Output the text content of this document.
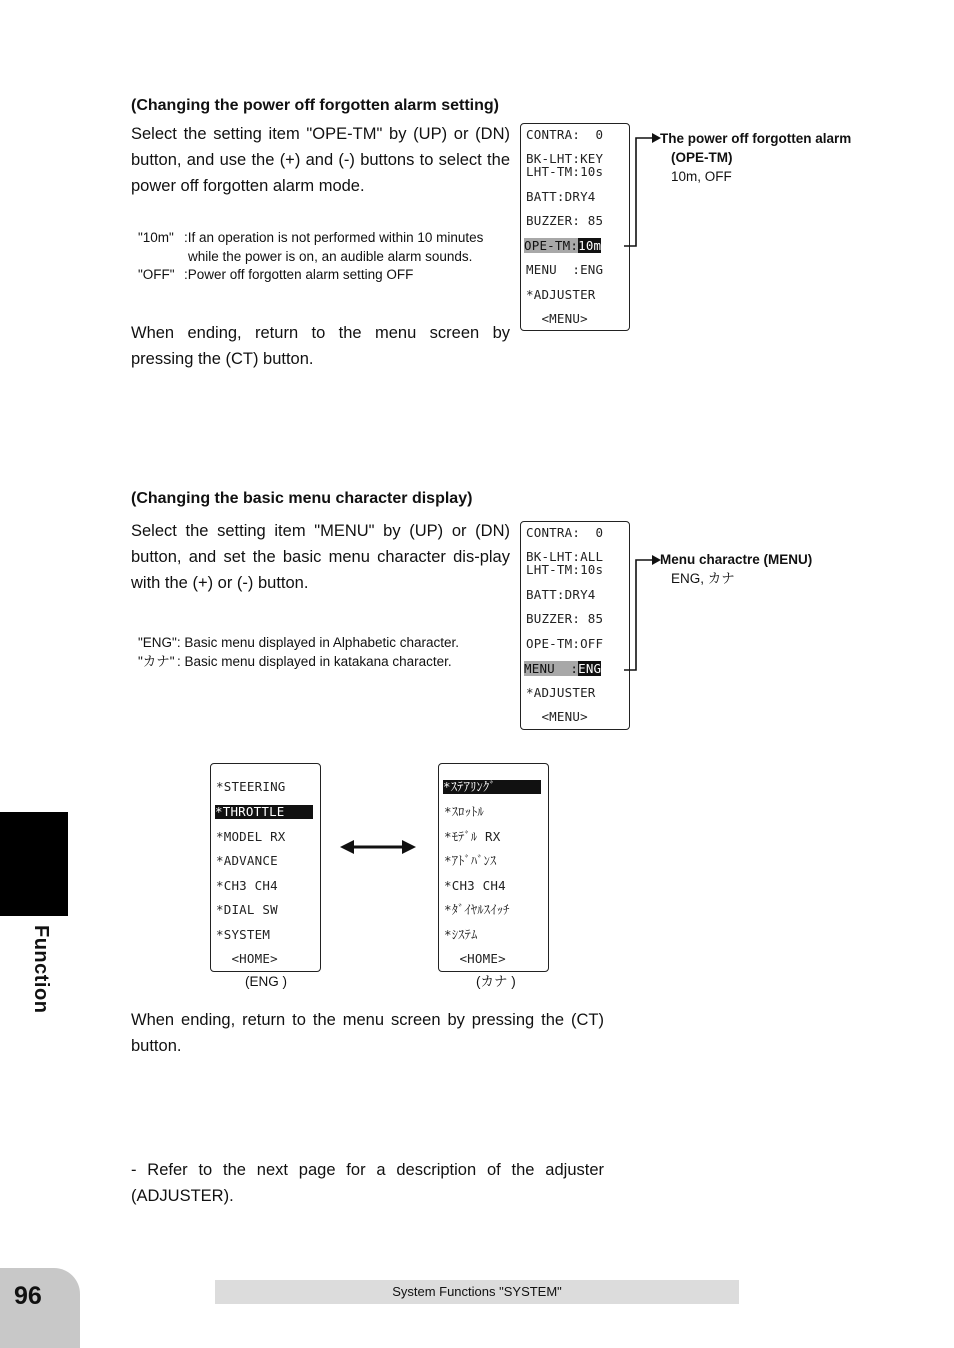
(Changing the power off forgotten alarm setting)
Select the setting item "OPE-TM" by (UP) or (DN) button, and use the (+) and (-) buttons to select the power off forgotten alarm mode.
"10m" :If an operation is not performed within 10 minutes
while the power is on, an audible alarm sounds.
"OFF" :Power off forgotten alarm setting OFF
When ending, return to the menu screen by pressing the (CT) button.
CONTRA:  0
BK-LHT:KEY
LHT-TM:10s
BATT:DRY4
BUZZER: 85
OPE-TM:10m
MENU  :ENG
*ADJUSTER
<MENU>
The power off forgotten alarm
(OPE-TM)
10m, OFF
(Changing the basic menu character display)
Select the setting item "MENU" by (UP) or (DN) button, and set the basic menu character dis-play with the (+) or (-) button.
"ENG" : Basic menu displayed in Alphabetic character.
"カナ" : Basic menu displayed in katakana character.
CONTRA:  0
BK-LHT:ALL
LHT-TM:10s
BATT:DRY4
BUZZER: 85
OPE-TM:OFF
MENU  :ENG
*ADJUSTER
<MENU>
Menu charactre (MENU)
ENG, カナ
*STEERING
*THROTTLE
*MODEL RX
*ADVANCE
*CH3 CH4
*DIAL SW
*SYSTEM
<HOME>
(ENG )
*ｽﾃｱﾘﾝｸﾞ
*ｽﾛｯﾄﾙ
*ﾓﾃﾞﾙ RX
*ｱﾄﾞﾊﾞﾝｽ
*CH3 CH4
*ﾀﾞｲﾔﾙｽｲｯﾁ
*ｼｽﾃﾑ
<HOME>
(カナ )
When ending, return to the menu screen by pressing the (CT) button.
- Refer to the next page for a description of the adjuster (ADJUSTER).
Function
96	System Functions "SYSTEM"
